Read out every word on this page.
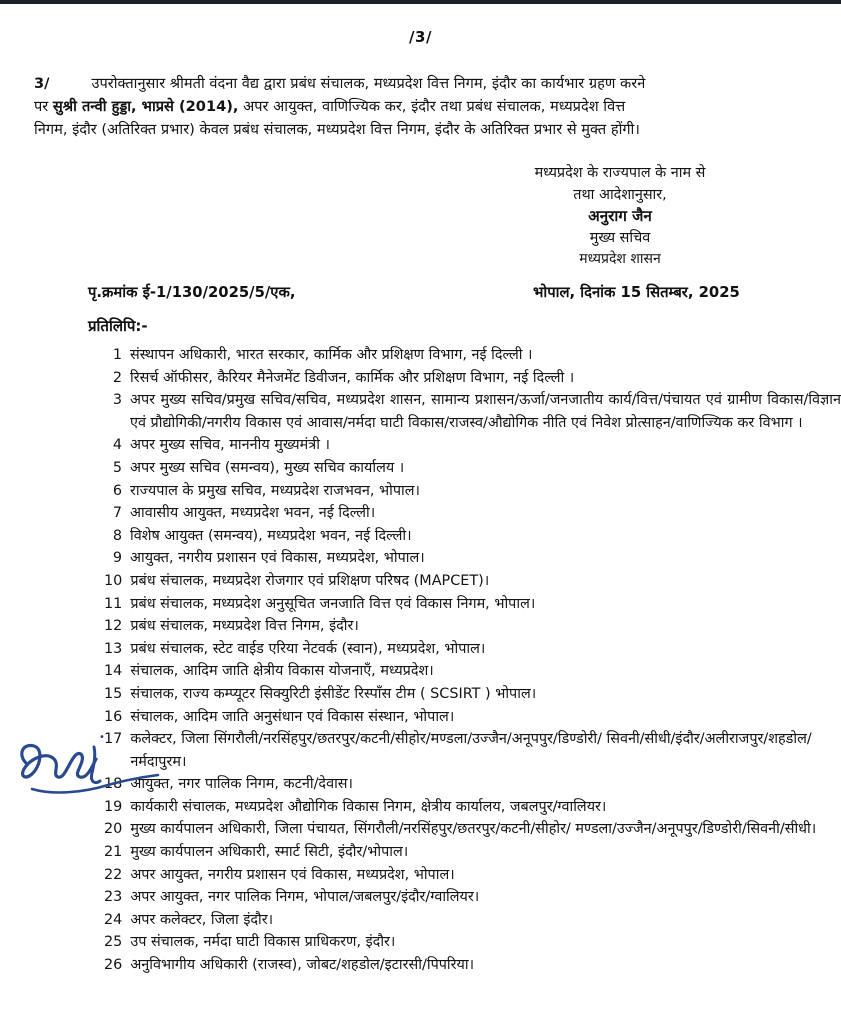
/3/
3/	उपरोक्तानुसार श्रीमती वंदना वैद्य द्वारा प्रबंध संचालक, मध्यप्रदेश वित्त निगम, इंदौर का कार्यभार ग्रहण करने
पर सुश्री तन्वी हुड्डा, भाप्रसे (2014), अपर आयुक्त, वाणिज्यिक कर, इंदौर तथा प्रबंध संचालक, मध्यप्रदेश वित्त
निगम, इंदौर (अतिरिक्त प्रभार) केवल प्रबंध संचालक, मध्यप्रदेश वित्त निगम, इंदौर के अतिरिक्त प्रभार से मुक्त होंगी।
मध्यप्रदेश के राज्यपाल के नाम से
तथा आदेशानुसार,
अनुराग जैन
मुख्य सचिव
मध्यप्रदेश शासन
पृ.क्रमांक ई-1/130/2025/5/एक,	भोपाल, दिनांक 15 सितम्बर, 2025
प्रतिलिपि:-
1 संस्थापन अधिकारी, भारत सरकार, कार्मिक और प्रशिक्षण विभाग, नई दिल्ली ।
2 रिसर्च ऑफीसर, कैरियर मैनेजमेंट डिवीजन, कार्मिक और प्रशिक्षण विभाग, नई दिल्ली ।
3 अपर मुख्य सचिव/प्रमुख सचिव/सचिव, मध्यप्रदेश शासन, सामान्य प्रशासन/ऊर्जा/जनजातीय कार्य/वित्त/पंचायत एवं ग्रामीण विकास/विज्ञान एवं प्रौद्योगिकी/नगरीय विकास एवं आवास/नर्मदा घाटी विकास/राजस्व/औद्योगिक नीति एवं निवेश प्रोत्साहन/वाणिज्यिक कर विभाग ।
4 अपर मुख्य सचिव, माननीय मुख्यमंत्री ।
5 अपर मुख्य सचिव (समन्वय), मुख्य सचिव कार्यालय ।
6 राज्यपाल के प्रमुख सचिव, मध्यप्रदेश राजभवन, भोपाल।
7 आवासीय आयुक्त, मध्यप्रदेश भवन, नई दिल्ली।
8 विशेष आयुक्त (समन्वय), मध्यप्रदेश भवन, नई दिल्ली।
9 आयुक्त, नगरीय प्रशासन एवं विकास, मध्यप्रदेश, भोपाल।
10 प्रबंध संचालक, मध्यप्रदेश रोजगार एवं प्रशिक्षण परिषद (MAPCET)।
11 प्रबंध संचालक, मध्यप्रदेश अनुसूचित जनजाति वित्त एवं विकास निगम, भोपाल।
12 प्रबंध संचालक, मध्यप्रदेश वित्त निगम, इंदौर।
13 प्रबंध संचालक, स्टेट वाईड एरिया नेटवर्क (स्वान), मध्यप्रदेश, भोपाल।
14 संचालक, आदिम जाति क्षेत्रीय विकास योजनाएँ, मध्यप्रदेश।
15 संचालक, राज्य कम्प्यूटर सिक्युरिटी इंसीडेंट रिस्पाँस टीम ( SCSIRT ) भोपाल।
16 संचालक, आदिम जाति अनुसंधान एवं विकास संस्थान, भोपाल।
• 17 कलेक्टर, जिला सिंगरौली/नरसिंहपुर/छतरपुर/कटनी/सीहोर/मण्डला/उज्जैन/अनूपपुर/डिण्डोरी/ सिवनी/सीधी/इंदौर/अलीराजपुर/शहडोल/नर्मदापुरम।
18 आयुक्त, नगर पालिक निगम, कटनी/देवास।
19 कार्यकारी संचालक, मध्यप्रदेश औद्योगिक विकास निगम, क्षेत्रीय कार्यालय, जबलपुर/ग्वालियर।
20 मुख्य कार्यपालन अधिकारी, जिला पंचायत, सिंगरौली/नरसिंहपुर/छतरपुर/कटनी/सीहोर/ मण्डला/उज्जैन/अनूपपुर/डिण्डोरी/सिवनी/सीधी।
21 मुख्य कार्यपालन अधिकारी, स्मार्ट सिटी, इंदौर/भोपाल।
22 अपर आयुक्त, नगरीय प्रशासन एवं विकास, मध्यप्रदेश, भोपाल।
23 अपर आयुक्त, नगर पालिक निगम, भोपाल/जबलपुर/इंदौर/ग्वालियर।
24 अपर कलेक्टर, जिला इंदौर।
25 उप संचालक, नर्मदा घाटी विकास प्राधिकरण, इंदौर।
26 अनुविभागीय अधिकारी (राजस्व), जोबट/शहडोल/इटारसी/पिपरिया।
